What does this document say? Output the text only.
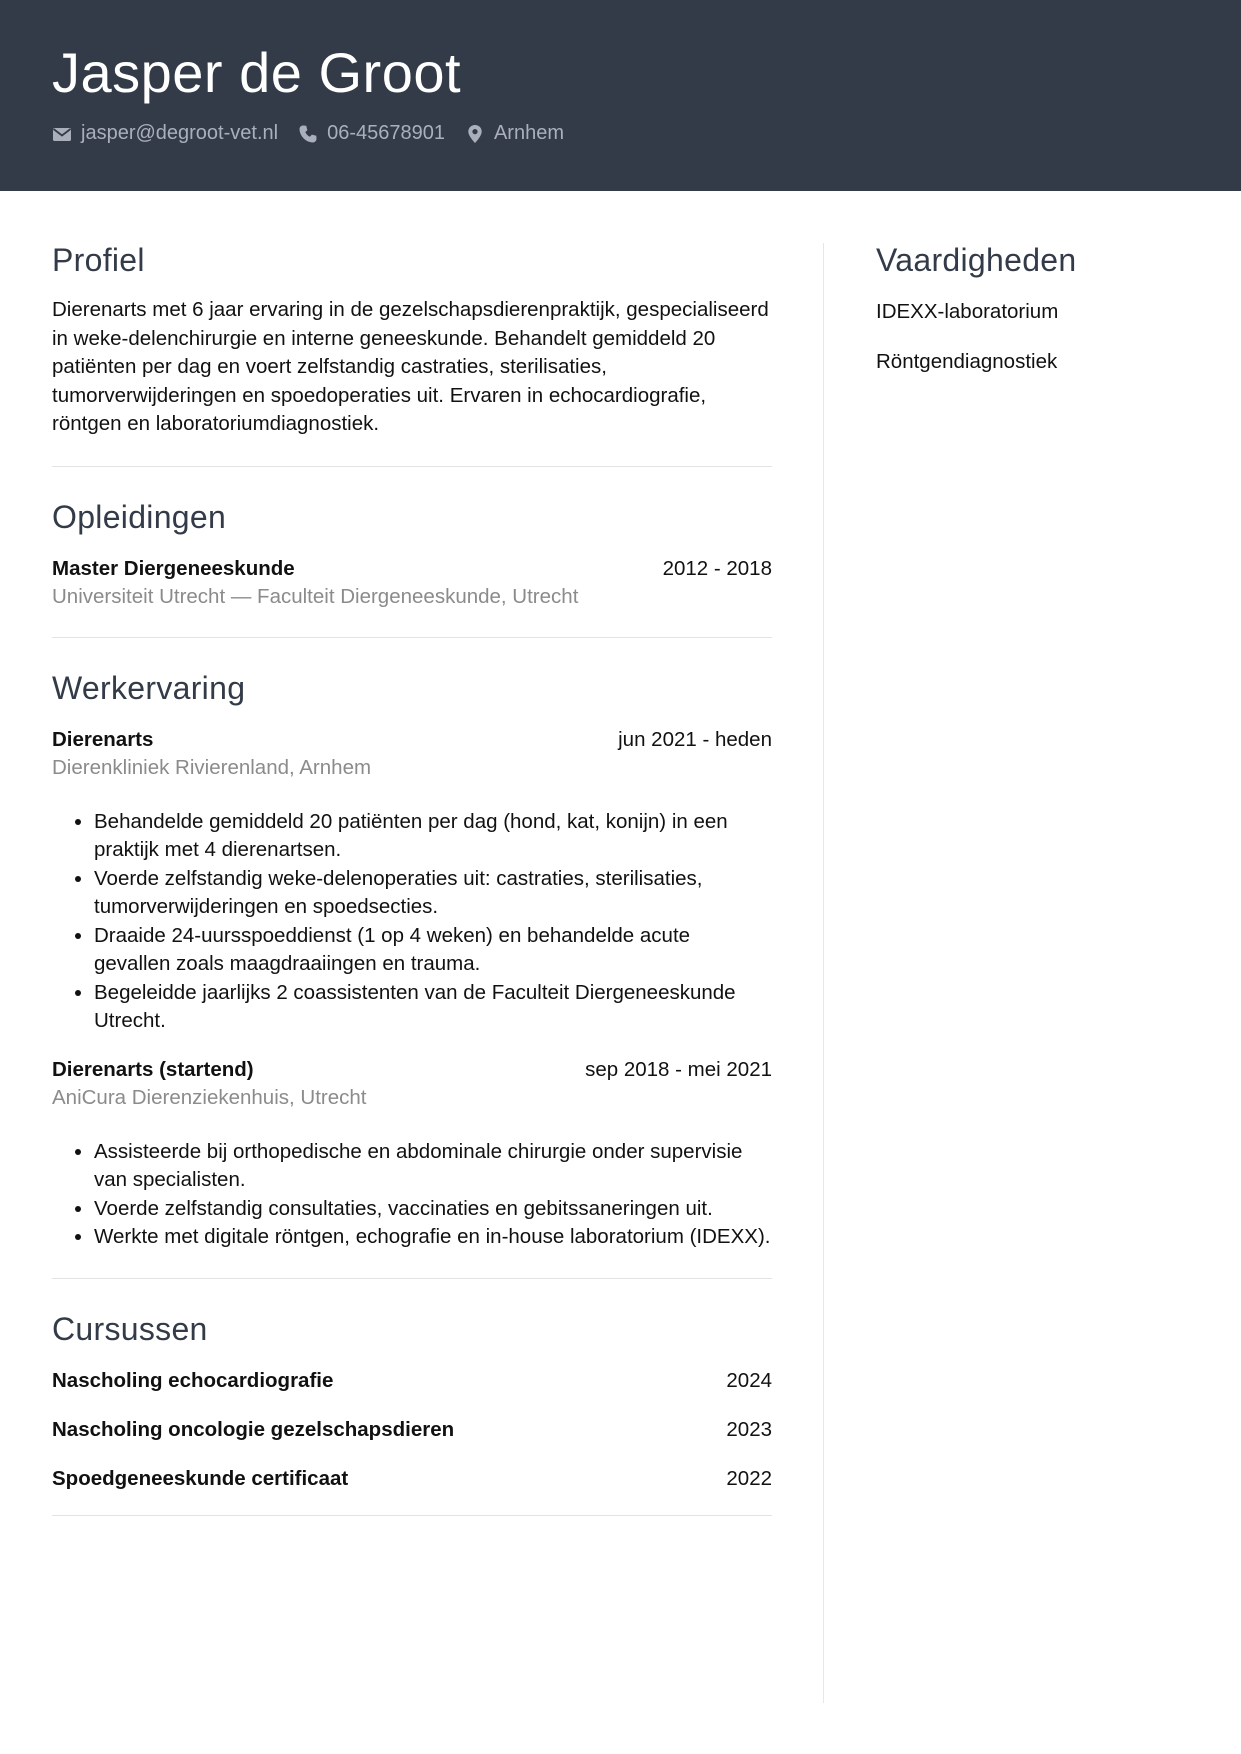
Jasper de Groot
jasper@degroot-vet.nl 06-45678901 Arnhem
Profiel
Dierenarts met 6 jaar ervaring in de gezelschapsdierenpraktijk, gespecialiseerd in weke-delenchirurgie en interne geneeskunde. Behandelt gemiddeld 20 patiënten per dag en voert zelfstandig castraties, sterilisaties, tumorverwijderingen en spoedoperaties uit. Ervaren in echocardiografie, röntgen en laboratoriumdiagnostiek.
Opleidingen
Master Diergeneeskunde	2012 - 2018
Universiteit Utrecht — Faculteit Diergeneeskunde, Utrecht
Werkervaring
Dierenarts	jun 2021 - heden
Dierenkliniek Rivierenland, Arnhem
• Behandelde gemiddeld 20 patiënten per dag (hond, kat, konijn) in een praktijk met 4 dierenartsen.
• Voerde zelfstandig weke-delenoperaties uit: castraties, sterilisaties, tumorverwijderingen en spoedsecties.
• Draaide 24-uursspoeddienst (1 op 4 weken) en behandelde acute gevallen zoals maagdraaiingen en trauma.
• Begeleidde jaarlijks 2 coassistenten van de Faculteit Diergeneeskunde Utrecht.
Dierenarts (startend)	sep 2018 - mei 2021
AniCura Dierenziekenhuis, Utrecht
• Assisteerde bij orthopedische en abdominale chirurgie onder supervisie van specialisten.
• Voerde zelfstandig consultaties, vaccinaties en gebitssaneringen uit.
• Werkte met digitale röntgen, echografie en in-house laboratorium (IDEXX).
Cursussen
Nascholing echocardiografie	2024
Nascholing oncologie gezelschapsdieren	2023
Spoedgeneeskunde certificaat	2022
Vaardigheden
IDEXX-laboratorium
Röntgendiagnostiek
